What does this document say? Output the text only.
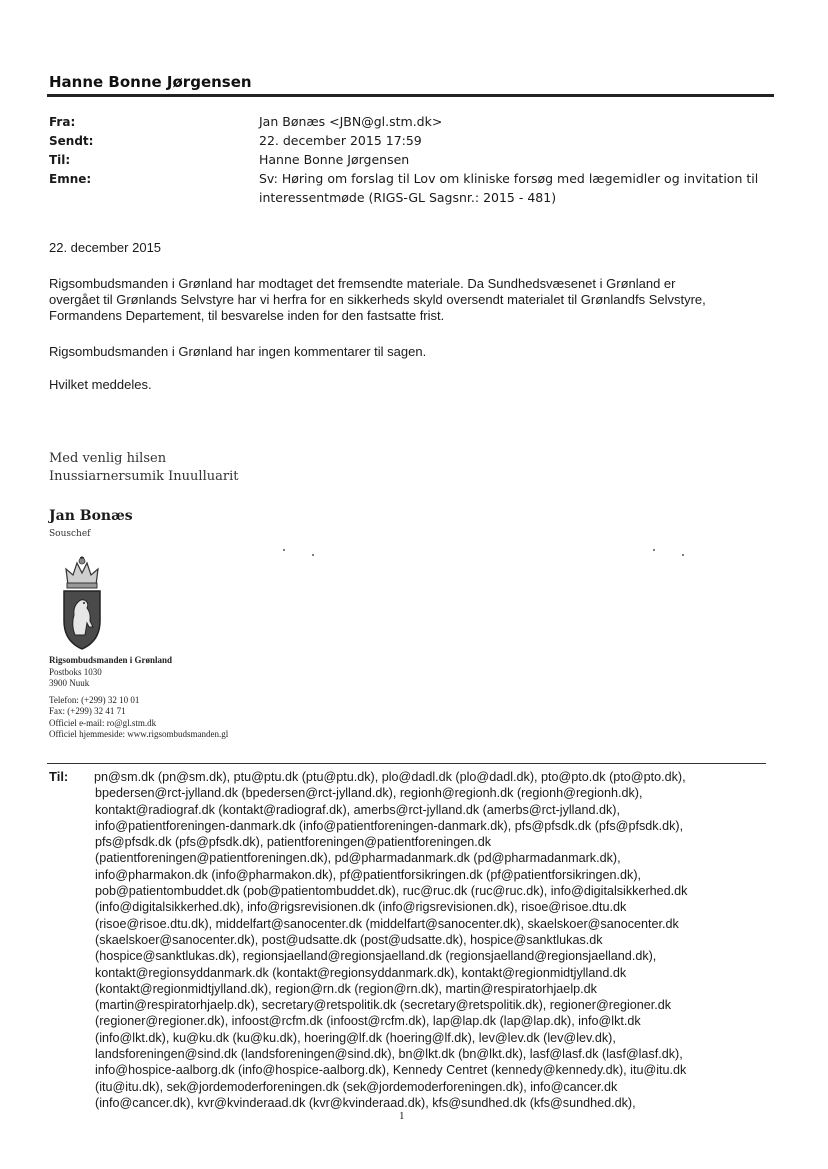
Hanne Bonne Jørgensen
Fra:	Jan Bønæs <JBN@gl.stm.dk>
Sendt:	22. december 2015 17:59
Til:	Hanne Bonne Jørgensen
Emne:	Sv: Høring om forslag til Lov om kliniske forsøg med lægemidler og invitation til
interessentmøde (RIGS-GL Sagsnr.: 2015 - 481)

22. december 2015

Rigsombudsmanden i Grønland har modtaget det fremsendte materiale. Da Sundhedsvæsenet i Grønland er
overgået til Grønlands Selvstyre har vi herfra for en sikkerheds skyld oversendt materialet til Grønlandfs Selvstyre,
Formandens Departement, til besvarelse inden for den fastsatte frist.

Rigsombudsmanden i Grønland har ingen kommentarer til sagen.

Hvilket meddeles.

Med venlig hilsen

Inussiarnersumik Inuulluarit

Jan Bonæs

Souschef

Rigsombudsmanden i Grønland
Postboks 1030
3900 Nuuk
Telefon: (+299) 32 10 01
Fax: (+299) 32 41 71
Officiel e-mail: ro@gl.stm.dk
Officiel hjemmeside: www.rigsombudsmanden.gl
Til: pn@sm.dk (pn@sm.dk), ptu@ptu.dk (ptu@ptu.dk), plo@dadl.dk (plo@dadl.dk), pto@pto.dk (pto@pto.dk),
bpedersen@rct-jylland.dk (bpedersen@rct-jylland.dk), regionh@regionh.dk (regionh@regionh.dk),
kontakt@radiograf.dk (kontakt@radiograf.dk), amerbs@rct-jylland.dk (amerbs@rct-jylland.dk),
info@patientforeningen-danmark.dk (info@patientforeningen-danmark.dk), pfs@pfsdk.dk (pfs@pfsdk.dk),
pfs@pfsdk.dk (pfs@pfsdk.dk), patientforeningen@patientforeningen.dk
(patientforeningen@patientforeningen.dk), pd@pharmadanmark.dk (pd@pharmadanmark.dk),
info@pharmakon.dk (info@pharmakon.dk), pf@patientforsikringen.dk (pf@patientforsikringen.dk),
pob@patientombuddet.dk (pob@patientombuddet.dk), ruc@ruc.dk (ruc@ruc.dk), info@digitalsikkerhed.dk
(info@digitalsikkerhed.dk), info@rigsrevisionen.dk (info@rigsrevisionen.dk), risoe@risoe.dtu.dk
(risoe@risoe.dtu.dk), middelfart@sanocenter.dk (middelfart@sanocenter.dk), skaelskoer@sanocenter.dk
(skaelskoer@sanocenter.dk), post@udsatte.dk (post@udsatte.dk), hospice@sanktlukas.dk
(hospice@sanktlukas.dk), regionsjaelland@regionsjaelland.dk (regionsjaelland@regionsjaelland.dk),
kontakt@regionsyddanmark.dk (kontakt@regionsyddanmark.dk), kontakt@regionmidtjylland.dk
(kontakt@regionmidtjylland.dk), region@rn.dk (region@rn.dk), martin@respiratorhjaelp.dk
(martin@respiratorhjaelp.dk), secretary@retspolitik.dk (secretary@retspolitik.dk), regioner@regioner.dk
(regioner@regioner.dk), infoost@rcfm.dk (infoost@rcfm.dk), lap@lap.dk (lap@lap.dk), info@lkt.dk
(info@lkt.dk), ku@ku.dk (ku@ku.dk), hoering@lf.dk (hoering@lf.dk), lev@lev.dk (lev@lev.dk),
landsforeningen@sind.dk (landsforeningen@sind.dk), bn@lkt.dk (bn@lkt.dk), lasf@lasf.dk (lasf@lasf.dk),
info@hospice-aalborg.dk (info@hospice-aalborg.dk), Kennedy Centret (kennedy@kennedy.dk), itu@itu.dk
(itu@itu.dk), sek@jordemoderforeningen.dk (sek@jordemoderforeningen.dk), info@cancer.dk
(info@cancer.dk), kvr@kvinderaad.dk (kvr@kvinderaad.dk), kfs@sundhed.dk (kfs@sundhed.dk),
1
